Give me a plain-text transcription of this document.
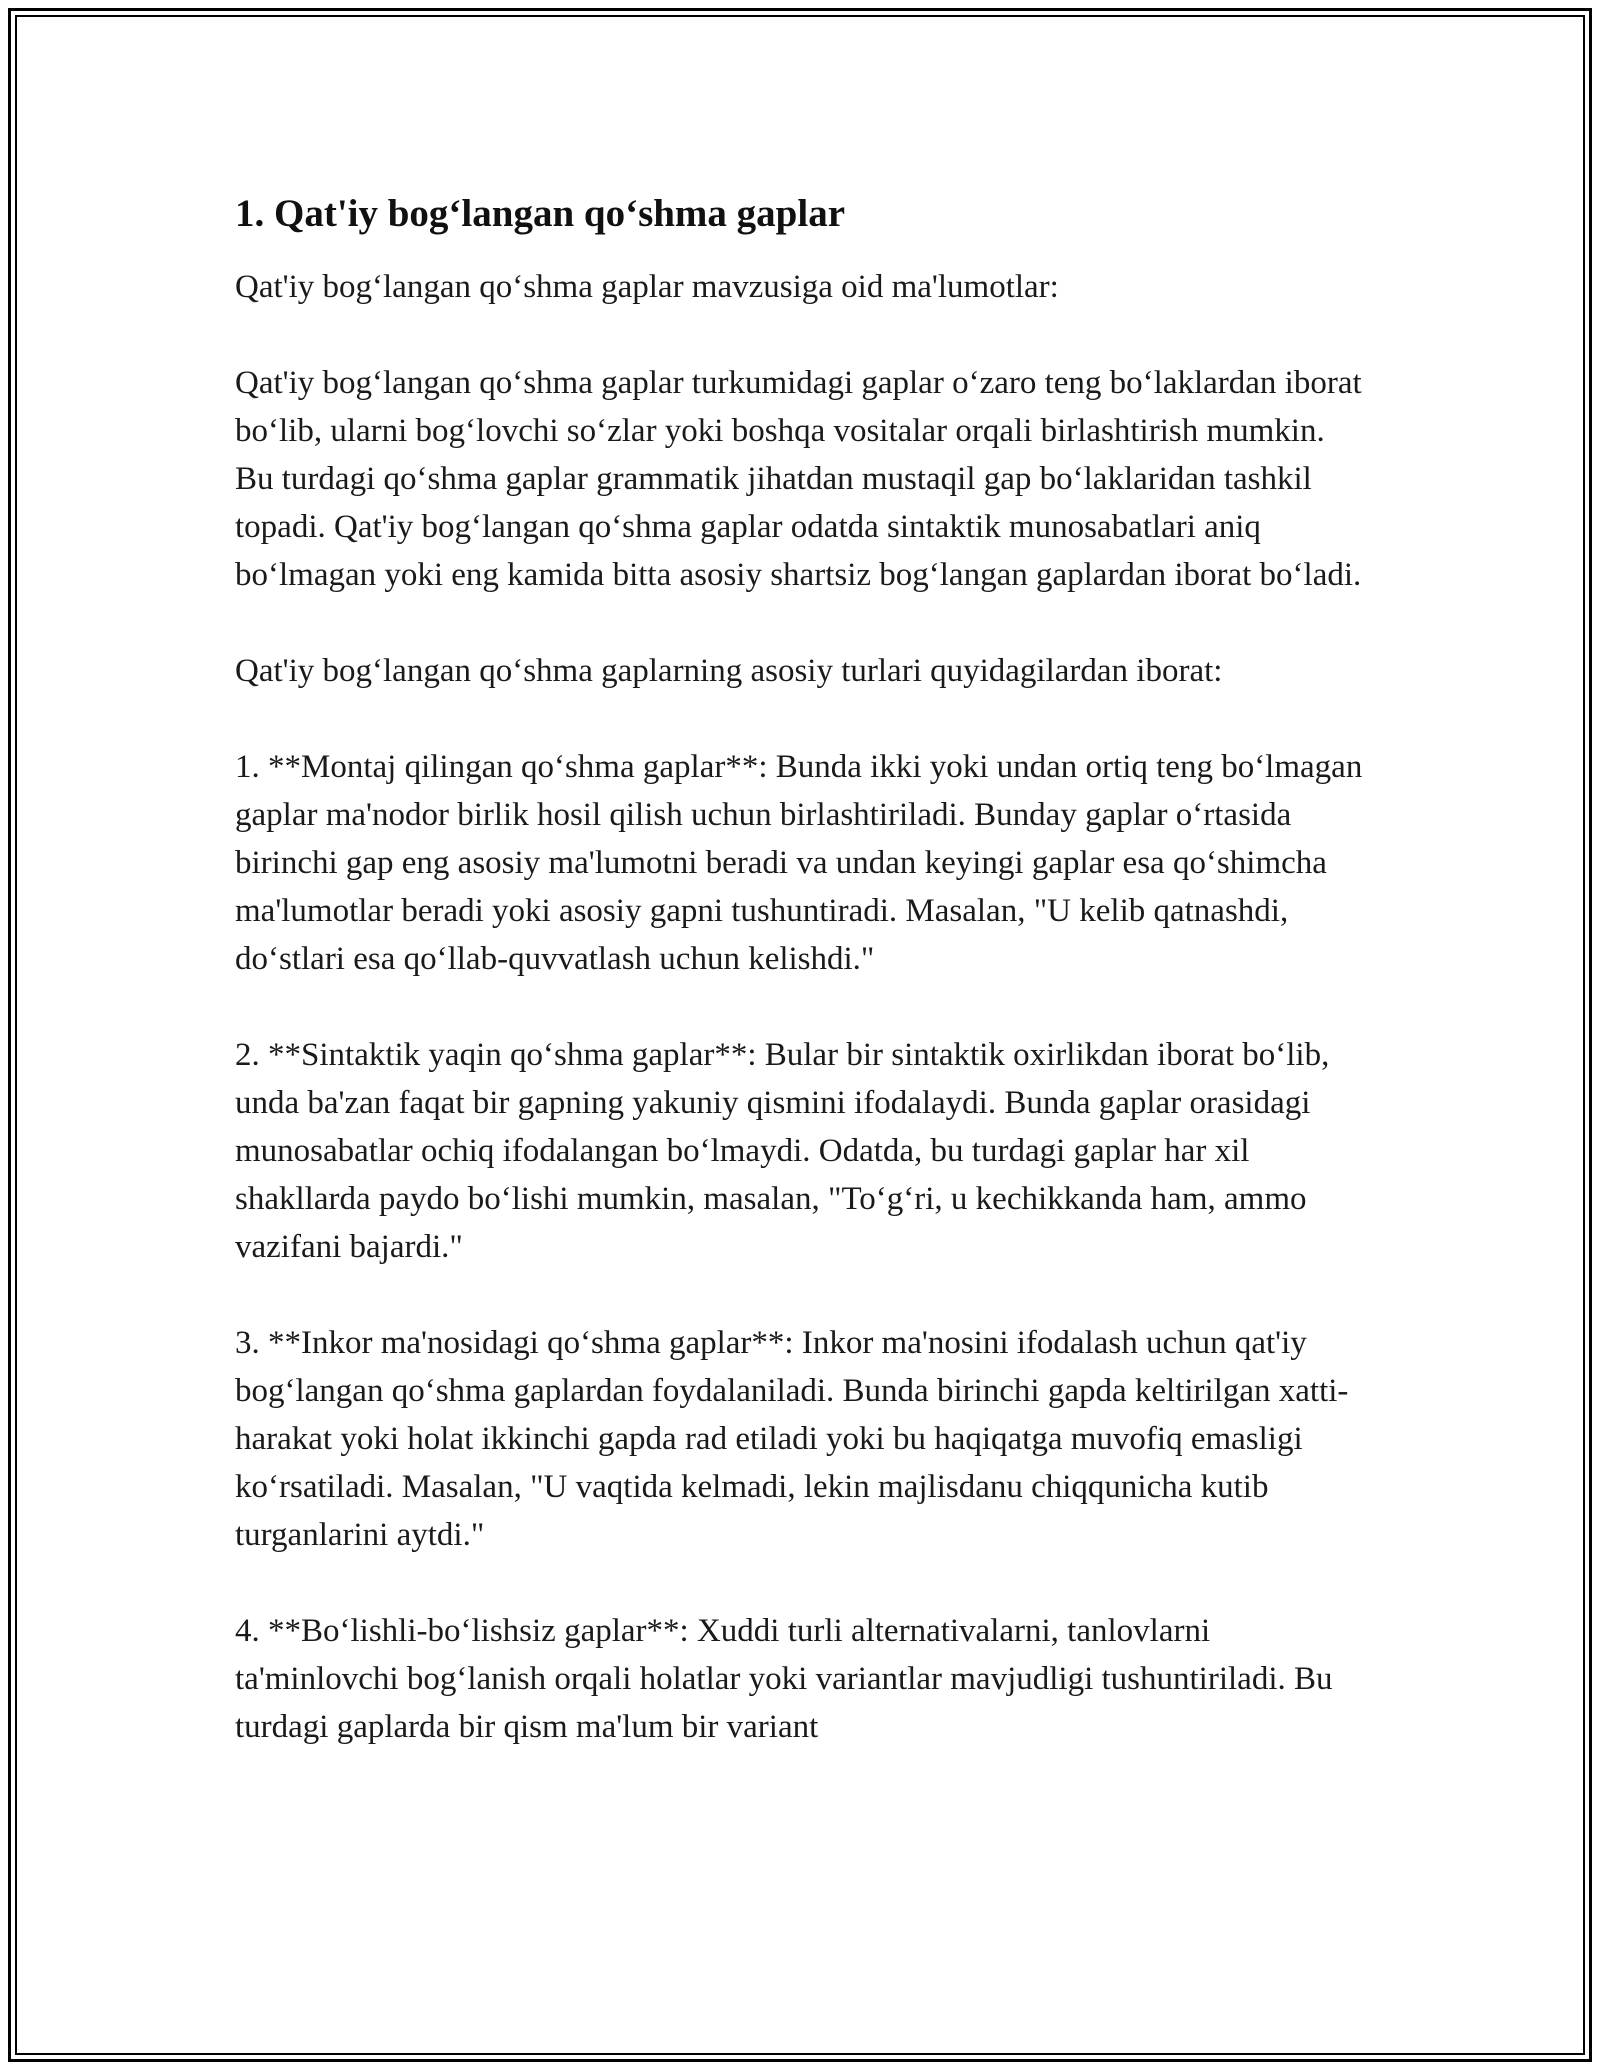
1. Qat'iy bog‘langan qo‘shma gaplar

Qat'iy bog‘langan qo‘shma gaplar mavzusiga oid ma'lumotlar:

Qat'iy bog‘langan qo‘shma gaplar turkumidagi gaplar o‘zaro teng bo‘laklardan iborat bo‘lib, ularni bog‘lovchi so‘zlar yoki boshqa vositalar orqali birlashtirish mumkin. Bu turdagi qo‘shma gaplar grammatik jihatdan mustaqil gap bo‘laklaridan tashkil topadi. Qat'iy bog‘langan qo‘shma gaplar odatda sintaktik munosabatlari aniq bo‘lmagan yoki eng kamida bitta asosiy shartsiz bog‘langan gaplardan iborat bo‘ladi.

Qat'iy bog‘langan qo‘shma gaplarning asosiy turlari quyidagilardan iborat:

1. **Montaj qilingan qo‘shma gaplar**: Bunda ikki yoki undan ortiq teng bo‘lmagan gaplar ma'nodor birlik hosil qilish uchun birlashtiriladi. Bunday gaplar o‘rtasida birinchi gap eng asosiy ma'lumotni beradi va undan keyingi gaplar esa qo‘shimcha ma'lumotlar beradi yoki asosiy gapni tushuntiradi. Masalan, "U kelib qatnashdi, do‘stlari esa qo‘llab-quvvatlash uchun kelishdi."

2. **Sintaktik yaqin qo‘shma gaplar**: Bular bir sintaktik oxirlikdan iborat bo‘lib, unda ba'zan faqat bir gapning yakuniy qismini ifodalaydi. Bunda gaplar orasidagi munosabatlar ochiq ifodalangan bo‘lmaydi. Odatda, bu turdagi gaplar har xil shakllarda paydo bo‘lishi mumkin, masalan, "To‘g‘ri, u kechikkanda ham, ammo vazifani bajardi."

3. **Inkor ma'nosidagi qo‘shma gaplar**: Inkor ma'nosini ifodalash uchun qat'iy bog‘langan qo‘shma gaplardan foydalaniladi. Bunda birinchi gapda keltirilgan xatti-harakat yoki holat ikkinchi gapda rad etiladi yoki bu haqiqatga muvofiq emasligi ko‘rsatiladi. Masalan, "U vaqtida kelmadi, lekin majlisdanu chiqqunicha kutib turganlarini aytdi."

4. **Bo‘lishli-bo‘lishsiz gaplar**: Xuddi turli alternativalarni, tanlovlarni ta'minlovchi bog‘lanish orqali holatlar yoki variantlar mavjudligi tushuntiriladi. Bu turdagi gaplarda bir qism ma'lum bir variant
